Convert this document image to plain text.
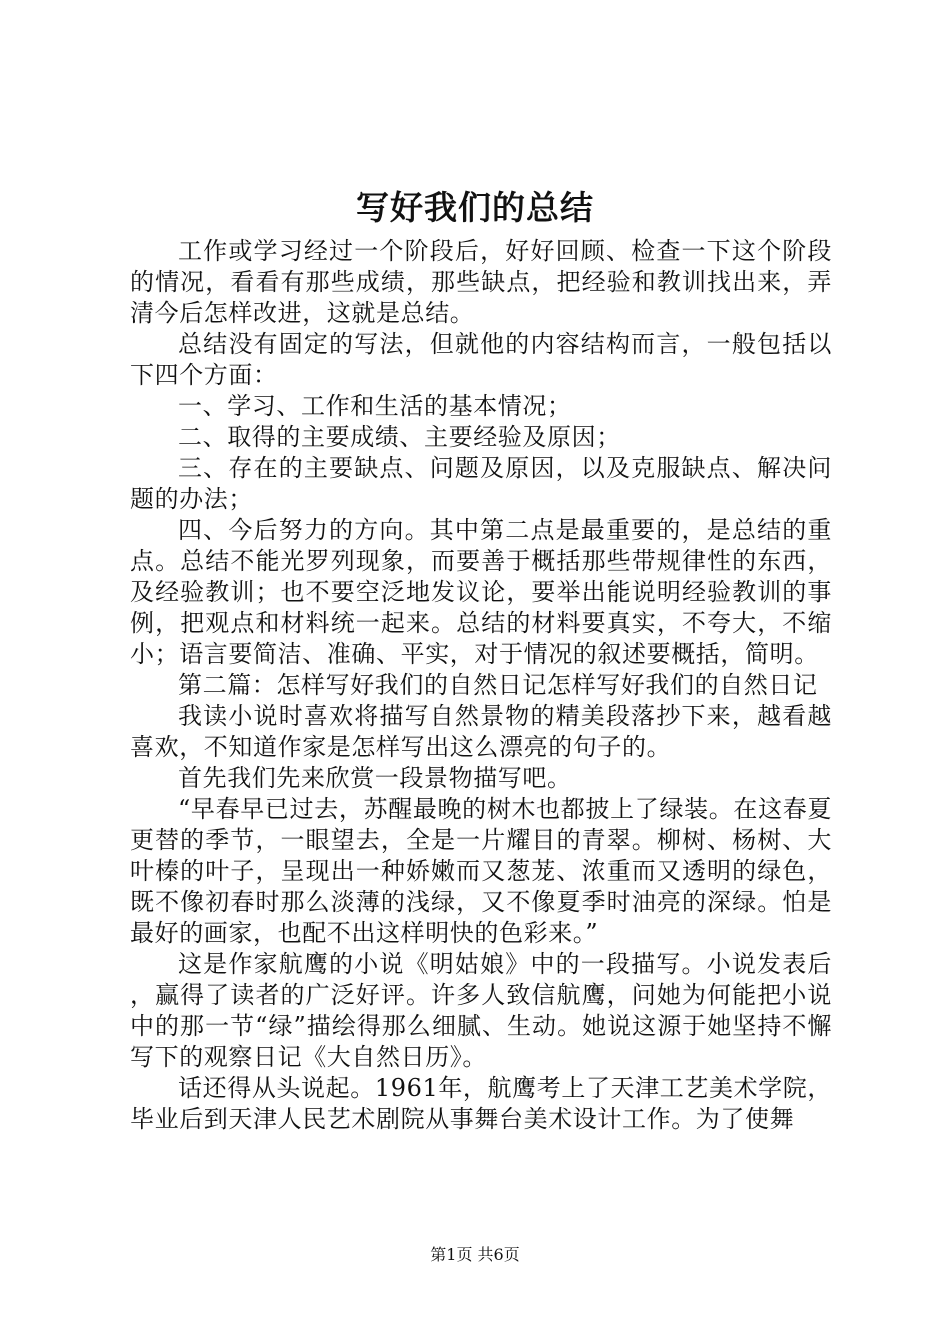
写好我们的总结

工作或学习经过一个阶段后，好好回顾、检查一下这个阶段的情况，看看有那些成绩，那些缺点，把经验和教训找出来，弄清今后怎样改进，这就是总结。

总结没有固定的写法，但就他的内容结构而言，一般包括以下四个方面：

一、学习、工作和生活的基本情况；

二、取得的主要成绩、主要经验及原因；

三、存在的主要缺点、问题及原因，以及克服缺点、解决问题的办法；

四、今后努力的方向。其中第二点是最重要的，是总结的重点。总结不能光罗列现象，而要善于概括那些带规律性的东西，及经验教训；也不要空泛地发议论，要举出能说明经验教训的事例，把观点和材料统一起来。总结的材料要真实，不夸大，不缩小；语言要简洁、准确、平实，对于情况的叙述要概括，简明。

第二篇：怎样写好我们的自然日记怎样写好我们的自然日记

我读小说时喜欢将描写自然景物的精美段落抄下来，越看越喜欢，不知道作家是怎样写出这么漂亮的句子的。

首先我们先来欣赏一段景物描写吧。

“早春早已过去，苏醒最晚的树木也都披上了绿装。在这春夏更替的季节，一眼望去，全是一片耀目的青翠。柳树、杨树、大叶榛的叶子，呈现出一种娇嫩而又葱茏、浓重而又透明的绿色，既不像初春时那么淡薄的浅绿，又不像夏季时油亮的深绿。怕是最好的画家，也配不出这样明快的色彩来。”

这是作家航鹰的小说《明姑娘》中的一段描写。小说发表后，赢得了读者的广泛好评。许多人致信航鹰，问她为何能把小说中的那一节“绿”描绘得那么细腻、生动。她说这源于她坚持不懈写下的观察日记《大自然日历》。

话还得从头说起。1961年，航鹰考上了天津工艺美术学院，毕业后到天津人民艺术剧院从事舞台美术设计工作。为了使舞

第1页 共6页
